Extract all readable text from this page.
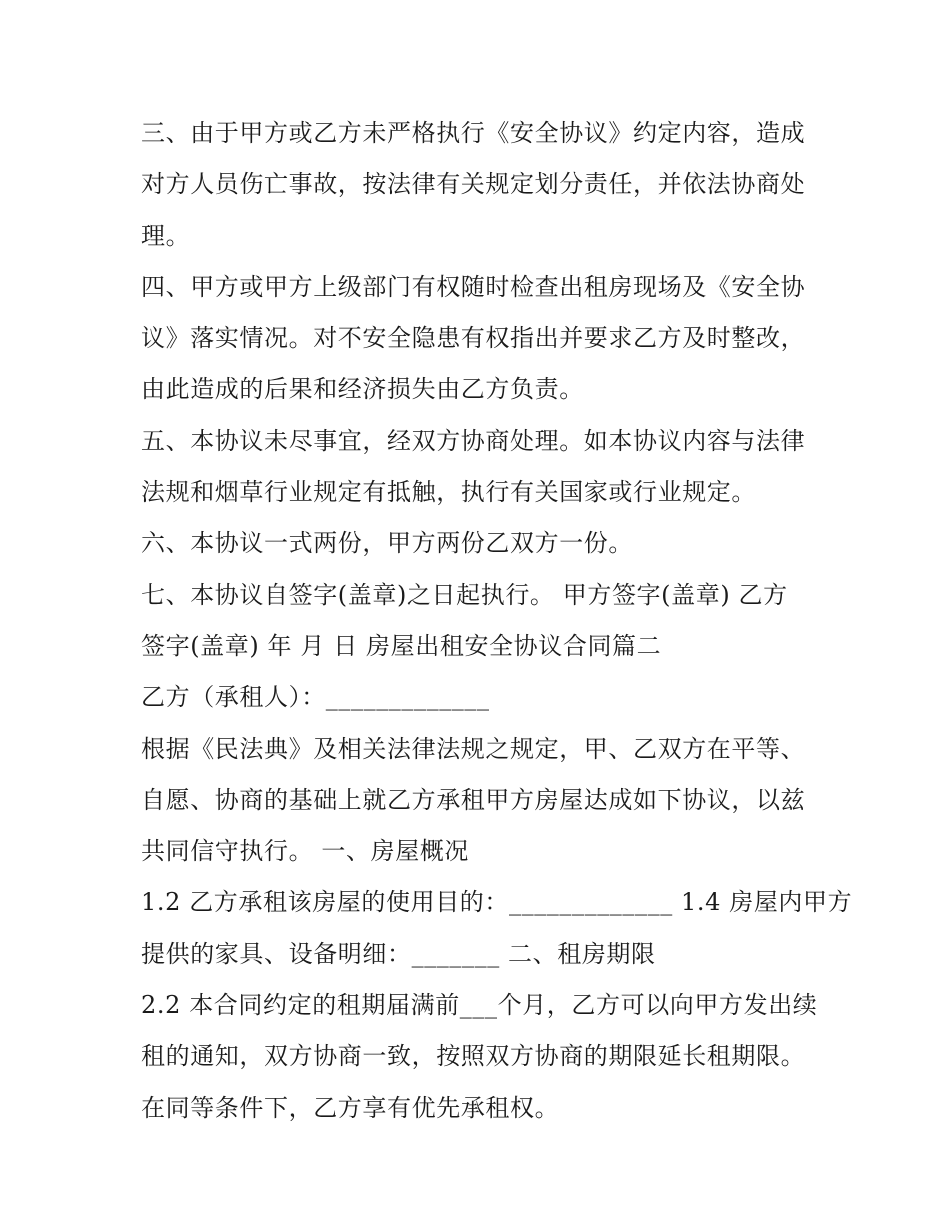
三、由于甲方或乙方未严格执行《安全协议》约定内容，造成
对方人员伤亡事故，按法律有关规定划分责任，并依法协商处
理。
四、甲方或甲方上级部门有权随时检查出租房现场及《安全协
议》落实情况。对不安全隐患有权指出并要求乙方及时整改，
由此造成的后果和经济损失由乙方负责。
五、本协议未尽事宜，经双方协商处理。如本协议内容与法律
法规和烟草行业规定有抵触，执行有关国家或行业规定。
六、本协议一式两份，甲方两份乙双方一份。
七、本协议自签字(盖章)之日起执行。 甲方签字(盖章) 乙方
签字(盖章) 年 月 日 房屋出租安全协议合同篇二
乙方（承租人）：_____________
根据《民法典》及相关法律法规之规定，甲、乙双方在平等、
自愿、协商的基础上就乙方承租甲方房屋达成如下协议，以兹
共同信守执行。 一、房屋概况
1.2 乙方承租该房屋的使用目的：_____________ 1.4 房屋内甲方
提供的家具、设备明细：_______ 二、租房期限
2.2 本合同约定的租期届满前___个月，乙方可以向甲方发出续
租的通知，双方协商一致，按照双方协商的期限延长租期限。
在同等条件下，乙方享有优先承租权。
